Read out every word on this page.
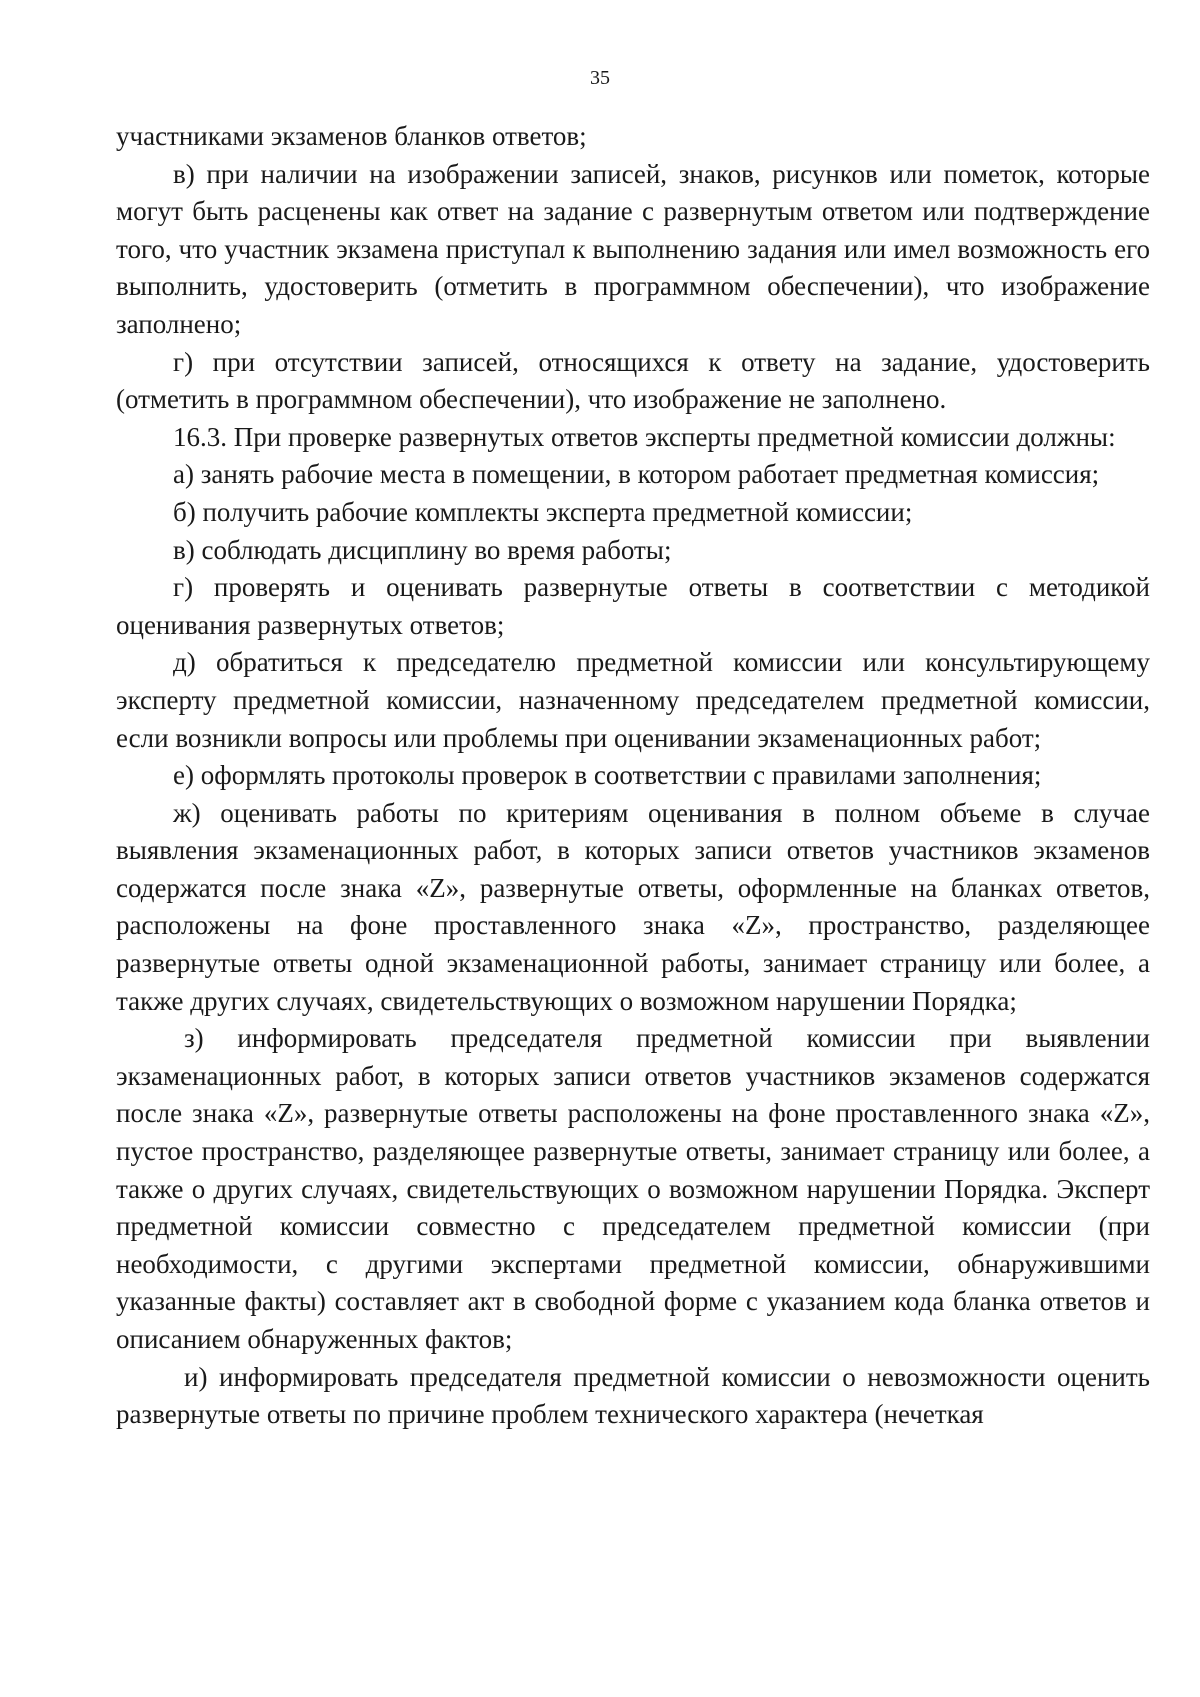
35

участниками экзаменов бланков ответов;

в) при наличии на изображении записей, знаков, рисунков или пометок, которые могут быть расценены как ответ на задание с развернутым ответом или подтверждение того, что участник экзамена приступал к выполнению задания или имел возможность его выполнить, удостоверить (отметить в программном обеспечении), что изображение заполнено;

г) при отсутствии записей, относящихся к ответу на задание, удостоверить (отметить в программном обеспечении), что изображение не заполнено.

16.3. При проверке развернутых ответов эксперты предметной комиссии должны:

а) занять рабочие места в помещении, в котором работает предметная комиссия;

б) получить рабочие комплекты эксперта предметной комиссии;

в) соблюдать дисциплину во время работы;

г) проверять и оценивать развернутые ответы в соответствии с методикой оценивания развернутых ответов;

д) обратиться к председателю предметной комиссии или консультирующему эксперту предметной комиссии, назначенному председателем предметной комиссии, если возникли вопросы или проблемы при оценивании экзаменационных работ;

е) оформлять протоколы проверок в соответствии с правилами заполнения;

ж) оценивать работы по критериям оценивания в полном объеме в случае выявления экзаменационных работ, в которых записи ответов участников экзаменов содержатся после знака «Z», развернутые ответы, оформленные на бланках ответов, расположены на фоне проставленного знака «Z», пространство, разделяющее развернутые ответы одной экзаменационной работы, занимает страницу или более, а также других случаях, свидетельствующих о возможном нарушении Порядка;

з) информировать председателя предметной комиссии при выявлении экзаменационных работ, в которых записи ответов участников экзаменов содержатся после знака «Z», развернутые ответы расположены на фоне проставленного знака «Z», пустое пространство, разделяющее развернутые ответы, занимает страницу или более, а также о других случаях, свидетельствующих о возможном нарушении Порядка. Эксперт предметной комиссии совместно с председателем предметной комиссии (при необходимости, с другими экспертами предметной комиссии, обнаружившими указанные факты) составляет акт в свободной форме с указанием кода бланка ответов и описанием обнаруженных фактов;

и) информировать председателя предметной комиссии о невозможности оценить развернутые ответы по причине проблем технического характера (нечеткая
